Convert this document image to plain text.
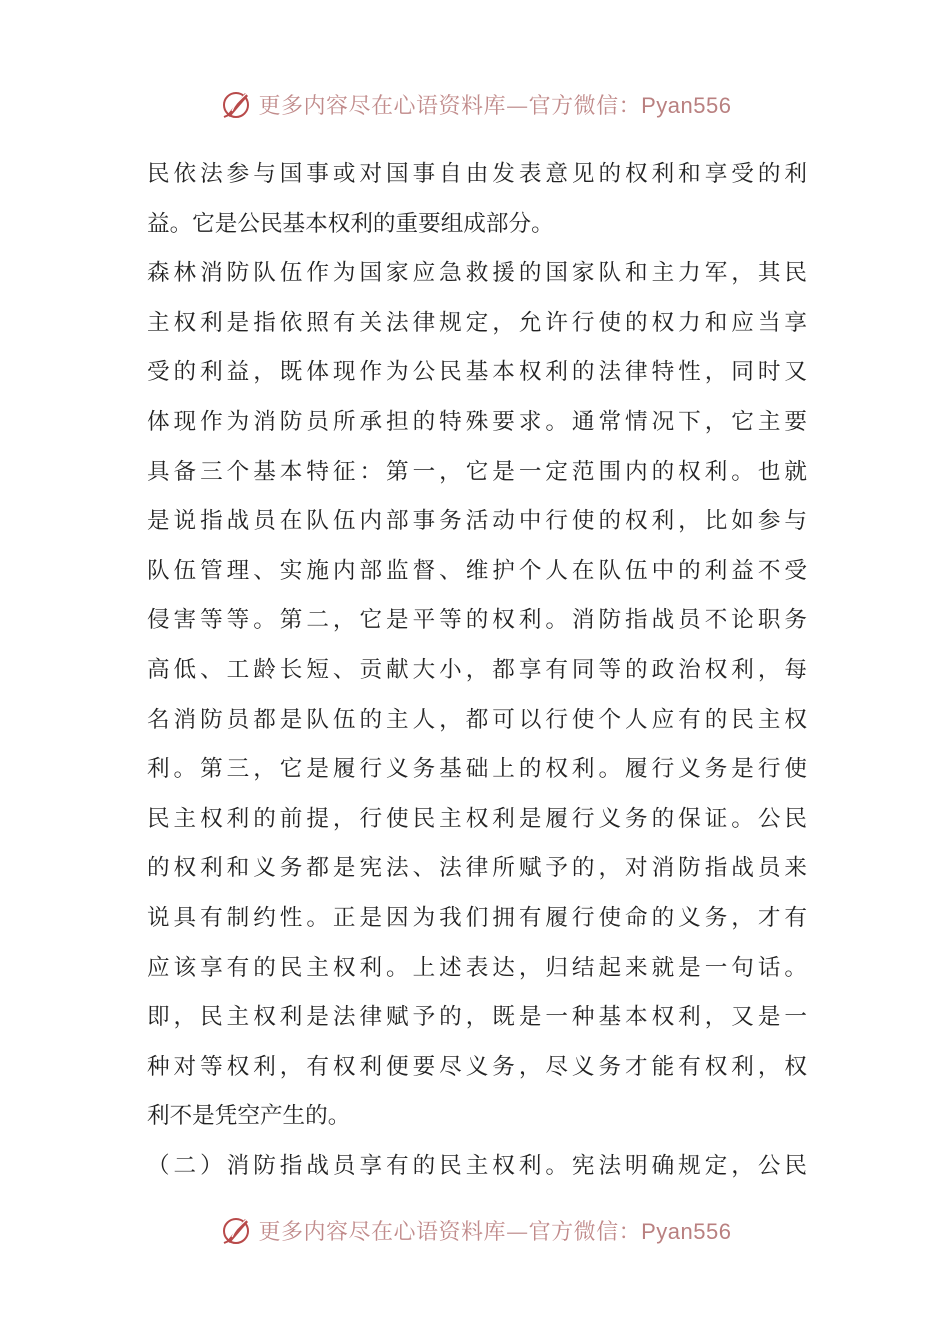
更多内容尽在心语资料库—官方微信：Pyan556
民依法参与国事或对国事自由发表意见的权利和享受的利
益。它是公民基本权利的重要组成部分。
森林消防队伍作为国家应急救援的国家队和主力军，其民
主权利是指依照有关法律规定，允许行使的权力和应当享
受的利益，既体现作为公民基本权利的法律特性，同时又
体现作为消防员所承担的特殊要求。通常情况下，它主要
具备三个基本特征：第一，它是一定范围内的权利。也就
是说指战员在队伍内部事务活动中行使的权利，比如参与
队伍管理、实施内部监督、维护个人在队伍中的利益不受
侵害等等。第二，它是平等的权利。消防指战员不论职务
高低、工龄长短、贡献大小，都享有同等的政治权利，每
名消防员都是队伍的主人，都可以行使个人应有的民主权
利。第三，它是履行义务基础上的权利。履行义务是行使
民主权利的前提，行使民主权利是履行义务的保证。公民
的权利和义务都是宪法、法律所赋予的，对消防指战员来
说具有制约性。正是因为我们拥有履行使命的义务，才有
应该享有的民主权利。上述表达，归结起来就是一句话。
即，民主权利是法律赋予的，既是一种基本权利，又是一
种对等权利，有权利便要尽义务，尽义务才能有权利，权
利不是凭空产生的。
（二）消防指战员享有的民主权利。宪法明确规定，公民
更多内容尽在心语资料库—官方微信：Pyan556
